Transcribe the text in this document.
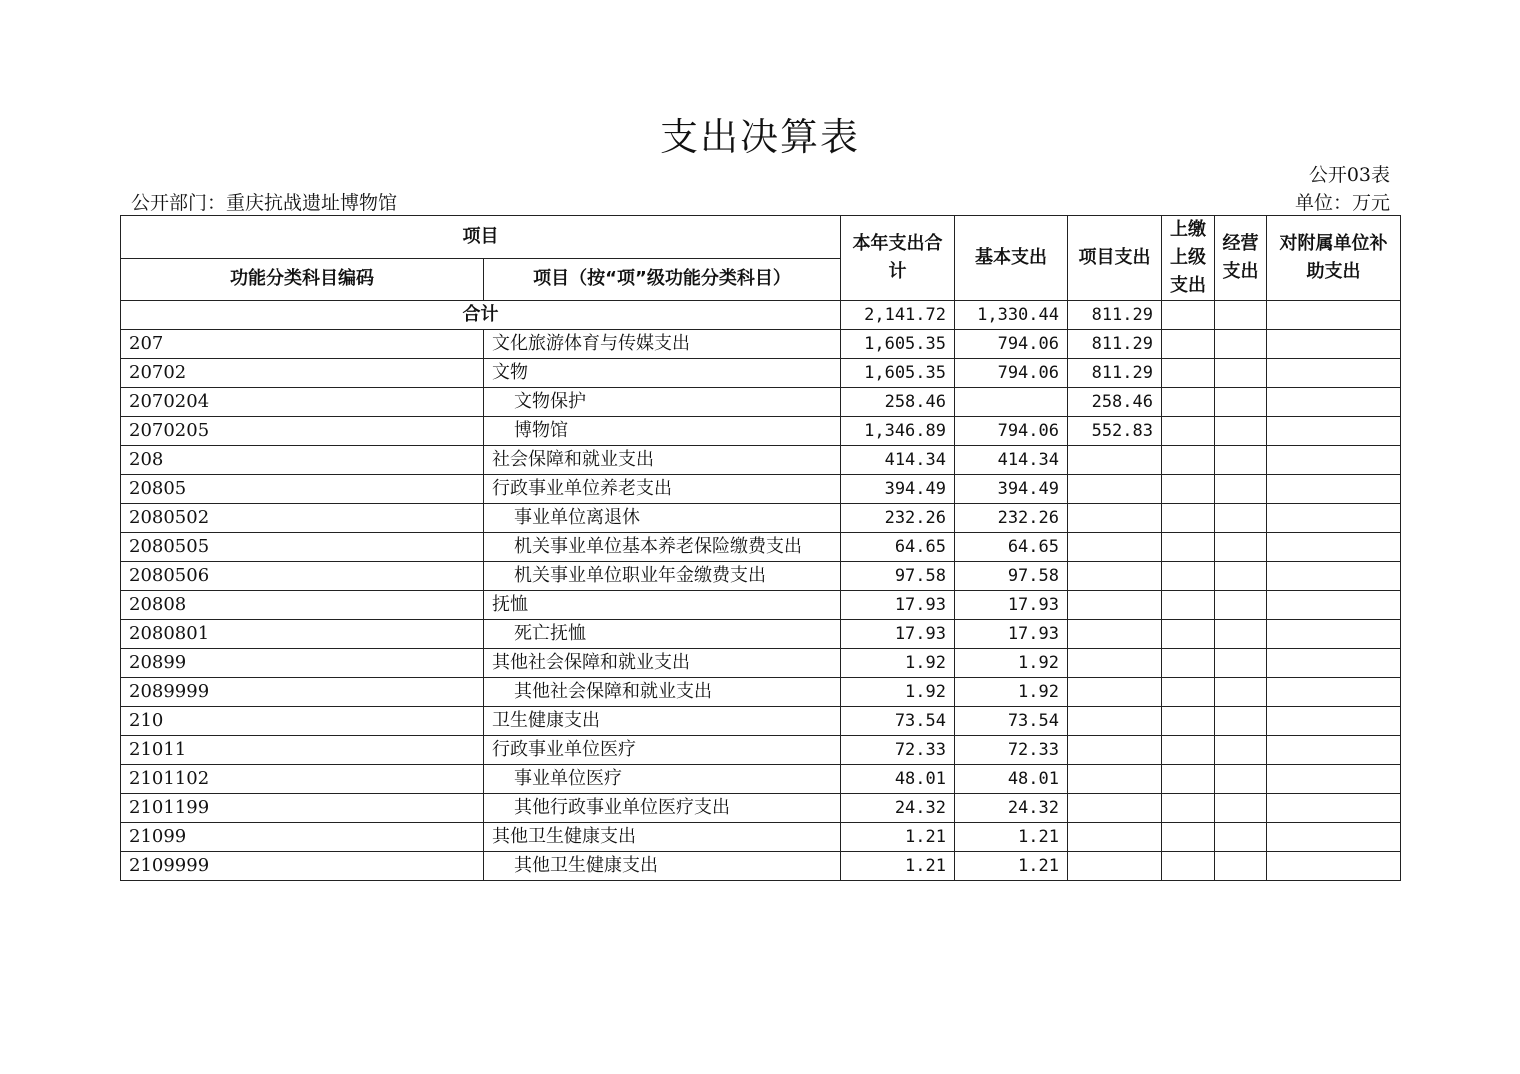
支出决算表
公开03表
公开部门：重庆抗战遗址博物馆	单位：万元
项目		本年支出合计	基本支出	项目支出	上缴上级支出	经营支出	对附属单位补助支出
功能分类科目编码	项目（按“项”级功能分类科目）						
合计		2,141.72	1,330.44	811.29			
207	文化旅游体育与传媒支出	1,605.35	794.06	811.29			
20702	文物	1,605.35	794.06	811.29			
2070204	文物保护	258.46		258.46			
2070205	博物馆	1,346.89	794.06	552.83			
208	社会保障和就业支出	414.34	414.34				
20805	行政事业单位养老支出	394.49	394.49				
2080502	事业单位离退休	232.26	232.26				
2080505	机关事业单位基本养老保险缴费支出	64.65	64.65				
2080506	机关事业单位职业年金缴费支出	97.58	97.58				
20808	抚恤	17.93	17.93				
2080801	死亡抚恤	17.93	17.93				
20899	其他社会保障和就业支出	1.92	1.92				
2089999	其他社会保障和就业支出	1.92	1.92				
210	卫生健康支出	73.54	73.54				
21011	行政事业单位医疗	72.33	72.33				
2101102	事业单位医疗	48.01	48.01				
2101199	其他行政事业单位医疗支出	24.32	24.32				
21099	其他卫生健康支出	1.21	1.21				
2109999	其他卫生健康支出	1.21	1.21				
